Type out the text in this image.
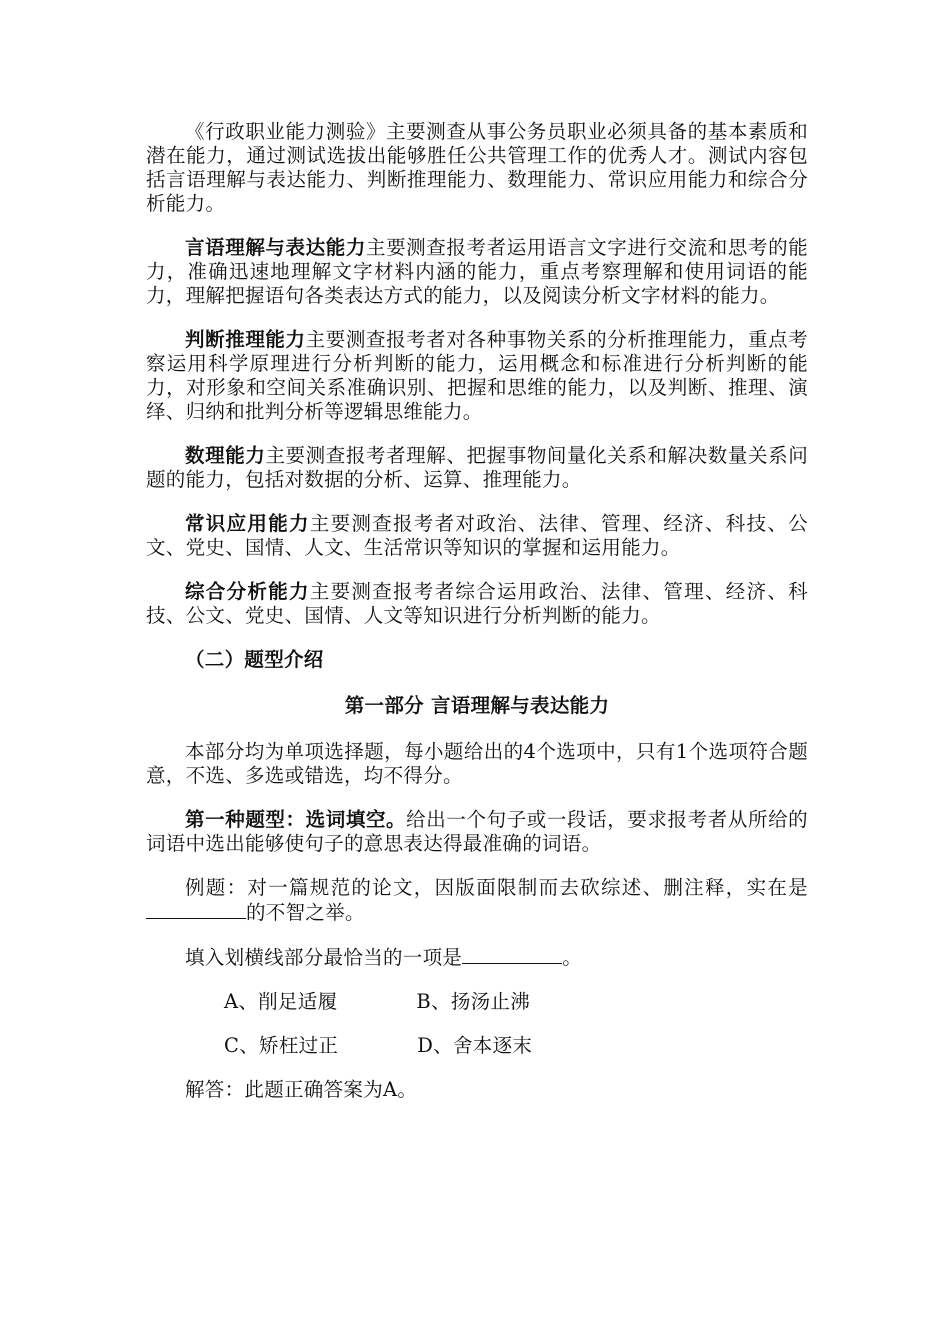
《行政职业能力测验》主要测查从事公务员职业必须具备的基本素质和潜在能力，通过测试选拔出能够胜任公共管理工作的优秀人才。测试内容包括言语理解与表达能力、判断推理能力、数理能力、常识应用能力和综合分析能力。

言语理解与表达能力主要测查报考者运用语言文字进行交流和思考的能力，准确迅速地理解文字材料内涵的能力，重点考察理解和使用词语的能力，理解把握语句各类表达方式的能力，以及阅读分析文字材料的能力。

判断推理能力主要测查报考者对各种事物关系的分析推理能力，重点考察运用科学原理进行分析判断的能力，运用概念和标准进行分析判断的能力，对形象和空间关系准确识别、把握和思维的能力，以及判断、推理、演绎、归纳和批判分析等逻辑思维能力。

数理能力主要测查报考者理解、把握事物间量化关系和解决数量关系问题的能力，包括对数据的分析、运算、推理能力。

常识应用能力主要测查报考者对政治、法律、管理、经济、科技、公文、党史、国情、人文、生活常识等知识的掌握和运用能力。

综合分析能力主要测查报考者综合运用政治、法律、管理、经济、科技、公文、党史、国情、人文等知识进行分析判断的能力。

（二）题型介绍

第一部分 言语理解与表达能力

本部分均为单项选择题，每小题给出的4个选项中，只有1个选项符合题意，不选、多选或错选，均不得分。

第一种题型：选词填空。给出一个句子或一段话，要求报考者从所给的词语中选出能够使句子的意思表达得最准确的词语。

例题：对一篇规范的论文，因版面限制而去砍综述、删注释，实在是的不智之举。

填入划横线部分最恰当的一项是	。

A、削足适履	B、扬汤止沸

C、矫枉过正	D、舍本逐末

解答：此题正确答案为A。
